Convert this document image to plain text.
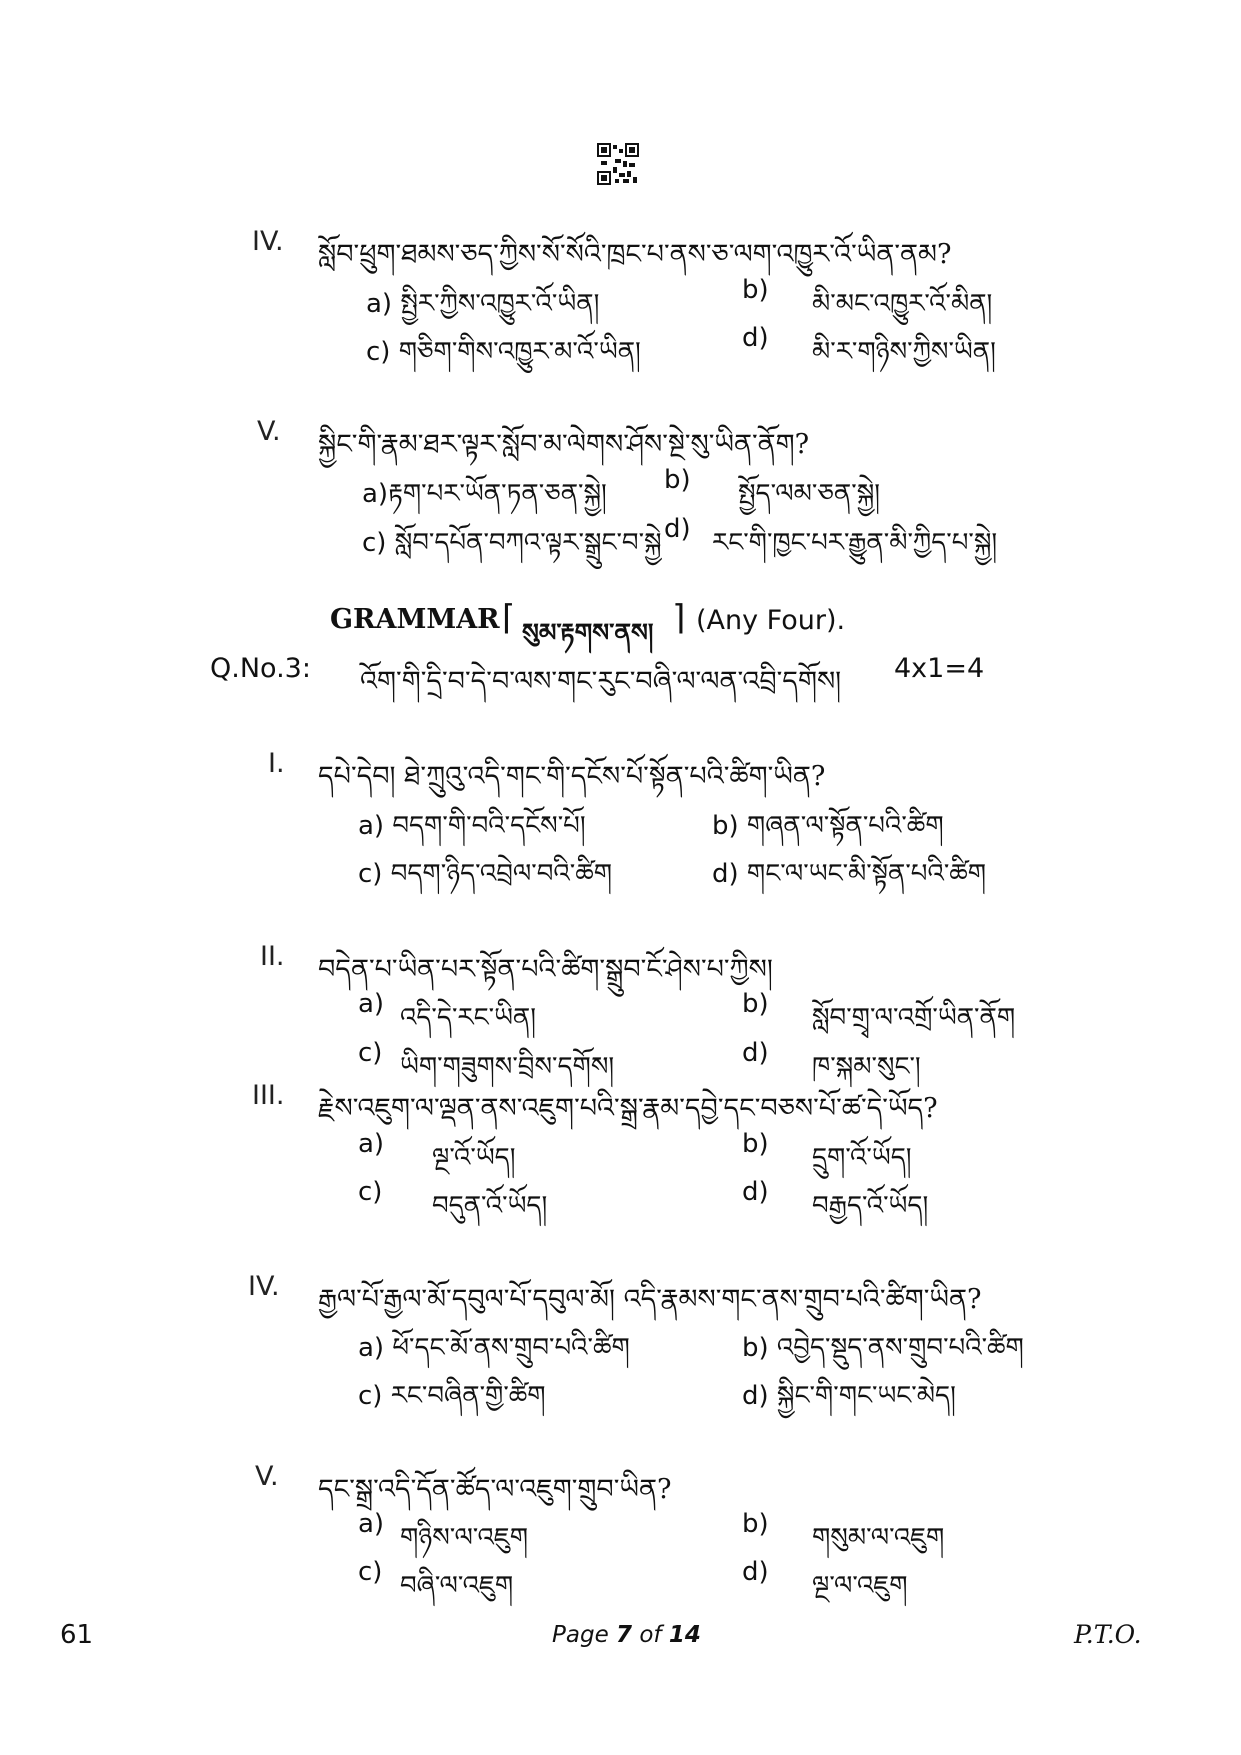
IV. སློབ་ཕྲུག་ཐམས་ཅད་ཀྱིས་སོ་སོའི་ཁྲང་པ་ནས་ཅ་ལག་འཁྱུར་འོ་ཡིན་ནམ?
a) སྤྱིར་ཀྱིས་འཁྱུར་འོ་ཡིན།	b) མི་མང་འཁྱུར་འོ་མིན།
c) གཅིག་གིས་འཁྱུར་མ་འོ་ཡིན།	d) མི་ར་གཉིས་ཀྱིས་ཡིན།
V. སྐྱིང་གི་རྣམ་ཐར་ལྟར་སློབ་མ་ལེགས་ཤོས་སྔེ་སུ་ཡིན་ནོག?
a)རྟག་པར་ཡོན་ཏན་ཅན་སྐྱེ། b) སྤྱོད་ལམ་ཅན་སྐྱེ།
c) སློབ་དཔོན་བཀའ་ལྟར་སྒྲུང་བ་སྐྱེ d) རང་གི་ཁྱང་པར་རྒྱུན་མི་ཀྱིད་པ་སྐྱེ།
GRAMMAR ⌈ སུམ་རྟགས་ནས། ⌉ (Any Four).
Q.No.3: འོག་གི་དྲི་བ་དེ་བ་ལས་གང་རུང་བཞི་ལ་ལན་འབྲི་དགོས། 4x1=4
I. དཔེ་དེབ། ཐེ་ཀྲུའུ་འདི་གང་གི་དངོས་པོ་སྟོན་པའི་ཚིག་ཡིན?
a) བདག་གི་བའི་དངོས་པོ།	b) གཞན་ལ་སྟོན་པའི་ཚིག
c) བདག་ཉིད་འབྲེལ་བའི་ཚིག	d) གང་ལ་ཡང་མི་སྟོན་པའི་ཚིག
II. བདེན་པ་ཡིན་པར་སྟོན་པའི་ཚིག་སྒྲུབ་ངོ་ཤེས་པ་ཀྱིས།
a) འདི་དེ་རང་ཡིན།	b) སློབ་གྲྭ་ལ་འགྲོ་ཡིན་ནོག
c) ཡིག་གཟུགས་བྲིས་དགོས།	d) ཁ་སྐམ་སུང་།
III. རྗེས་འཇུག་ལ་ལྡན་ནས་འཇུག་པའི་སྒྲ་རྣམ་དབྱེ་དང་བཅས་པོ་ཚ་དེ་ཡོད?
a) ལྔ་འོ་ཡོད།	b) དྲུག་འོ་ཡོད།
c) བདུན་འོ་ཡོད།	d) བརྒྱད་འོ་ཡོད།
IV. རྒྱལ་པོ་རྒྱལ་མོ་དབུལ་པོ་དབུལ་མོ། འདི་རྣམས་གང་ནས་གྲུབ་པའི་ཚིག་ཡིན?
a) ཕོ་དང་མོ་ནས་གྲུབ་པའི་ཚིག	b) འབྱེད་སྡུད་ནས་གྲུབ་པའི་ཚིག
c) རང་བཞིན་གྱི་ཚིག	d) སྐྱིང་གི་གང་ཡང་མེད།
V. དང་སྒྲ་འདི་དོན་ཚོད་ལ་འཇུག་གྲུབ་ཡིན?
a) གཉིས་ལ་འཇུག	b) གསུམ་ལ་འཇུག
c) བཞི་ལ་འཇུག	d) ལྔ་ལ་འཇུག
61	Page 7 of 14	P.T.O.
